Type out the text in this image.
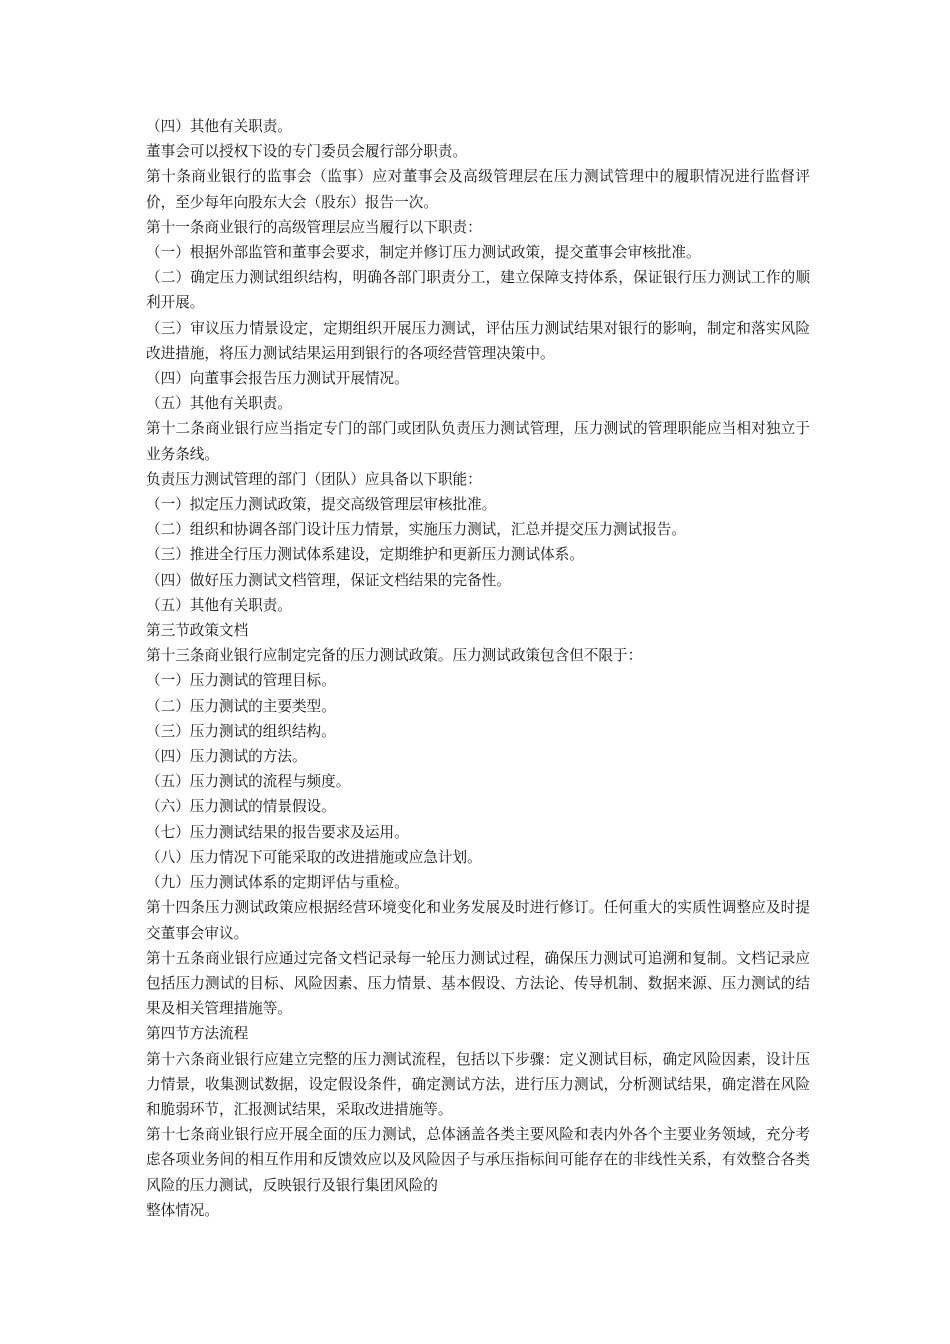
（四）其他有关职责。

董事会可以授权下设的专门委员会履行部分职责。

第十条商业银行的监事会（监事）应对董事会及高级管理层在压力测试管理中的履职情况进行监督评价，至少每年向股东大会（股东）报告一次。

第十一条商业银行的高级管理层应当履行以下职责：

（一）根据外部监管和董事会要求，制定并修订压力测试政策，提交董事会审核批准。

（二）确定压力测试组织结构，明确各部门职责分工，建立保障支持体系，保证银行压力测试工作的顺利开展。

（三）审议压力情景设定，定期组织开展压力测试，评估压力测试结果对银行的影响，制定和落实风险改进措施，将压力测试结果运用到银行的各项经营管理决策中。

（四）向董事会报告压力测试开展情况。

（五）其他有关职责。

第十二条商业银行应当指定专门的部门或团队负责压力测试管理，压力测试的管理职能应当相对独立于业务条线。

负责压力测试管理的部门（团队）应具备以下职能：

（一）拟定压力测试政策，提交高级管理层审核批准。

（二）组织和协调各部门设计压力情景，实施压力测试，汇总并提交压力测试报告。

（三）推进全行压力测试体系建设，定期维护和更新压力测试体系。

（四）做好压力测试文档管理，保证文档结果的完备性。

（五）其他有关职责。

第三节政策文档

第十三条商业银行应制定完备的压力测试政策。压力测试政策包含但不限于：

（一）压力测试的管理目标。

（二）压力测试的主要类型。

（三）压力测试的组织结构。

（四）压力测试的方法。

（五）压力测试的流程与频度。

（六）压力测试的情景假设。

（七）压力测试结果的报告要求及运用。

（八）压力情况下可能采取的改进措施或应急计划。

（九）压力测试体系的定期评估与重检。

第十四条压力测试政策应根据经营环境变化和业务发展及时进行修订。任何重大的实质性调整应及时提交董事会审议。

第十五条商业银行应通过完备文档记录每一轮压力测试过程，确保压力测试可追溯和复制。文档记录应包括压力测试的目标、风险因素、压力情景、基本假设、方法论、传导机制、数据来源、压力测试的结果及相关管理措施等。

第四节方法流程

第十六条商业银行应建立完整的压力测试流程，包括以下步骤：定义测试目标，确定风险因素，设计压力情景，收集测试数据，设定假设条件，确定测试方法，进行压力测试，分析测试结果，确定潜在风险和脆弱环节，汇报测试结果，采取改进措施等。

第十七条商业银行应开展全面的压力测试，总体涵盖各类主要风险和表内外各个主要业务领域，充分考虑各项业务间的相互作用和反馈效应以及风险因子与承压指标间可能存在的非线性关系，有效整合各类风险的压力测试，反映银行及银行集团风险的

整体情况。
